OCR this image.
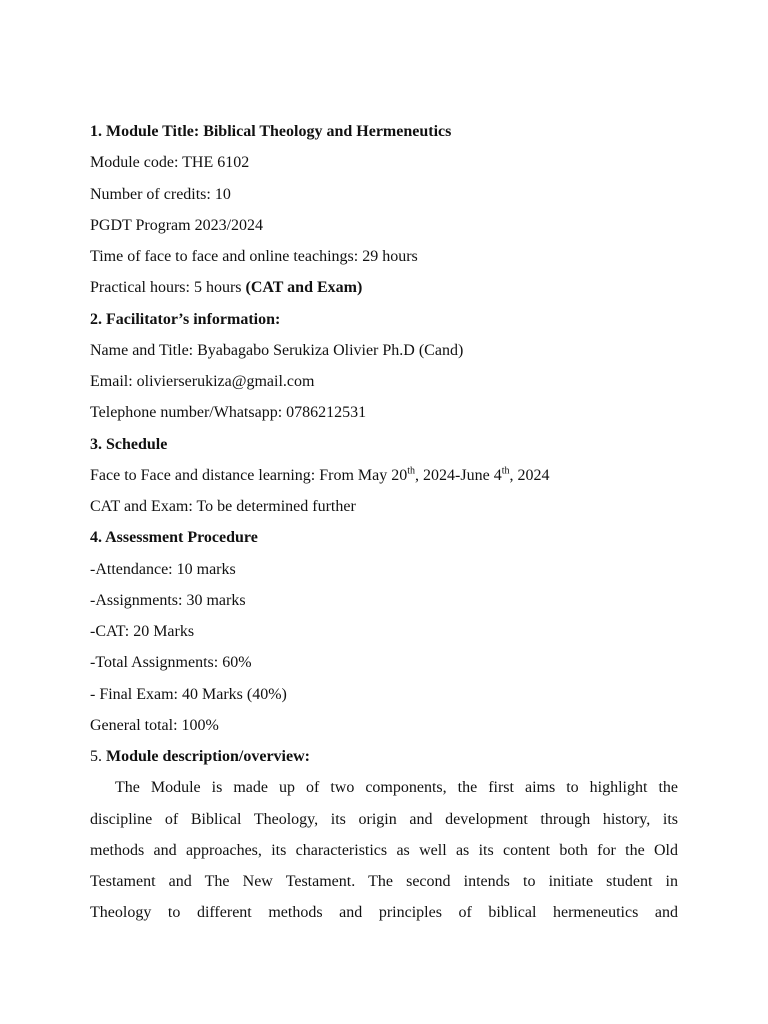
1. Module Title: Biblical Theology and Hermeneutics
Module code: THE 6102
Number of credits: 10
PGDT Program 2023/2024
Time of face to face and online teachings: 29 hours
Practical hours: 5 hours (CAT and Exam)
2. Facilitator’s information:
Name and Title: Byabagabo Serukiza Olivier Ph.D (Cand)
Email: olivierserukiza@gmail.com
Telephone number/Whatsapp: 0786212531
3. Schedule
Face to Face and distance learning: From May 20th, 2024-June 4th, 2024
CAT and Exam: To be determined further
4. Assessment Procedure
-Attendance: 10 marks
-Assignments: 30 marks
-CAT: 20 Marks
-Total Assignments: 60%
- Final Exam: 40 Marks (40%)
General total: 100%
5. Module description/overview:
The Module is made up of two components, the first aims to highlight the
discipline of Biblical Theology, its origin and development through history, its
methods and approaches, its characteristics as well as its content both for the Old
Testament and The New Testament. The second intends to initiate student in
Theology to different methods and principles of biblical hermeneutics and
